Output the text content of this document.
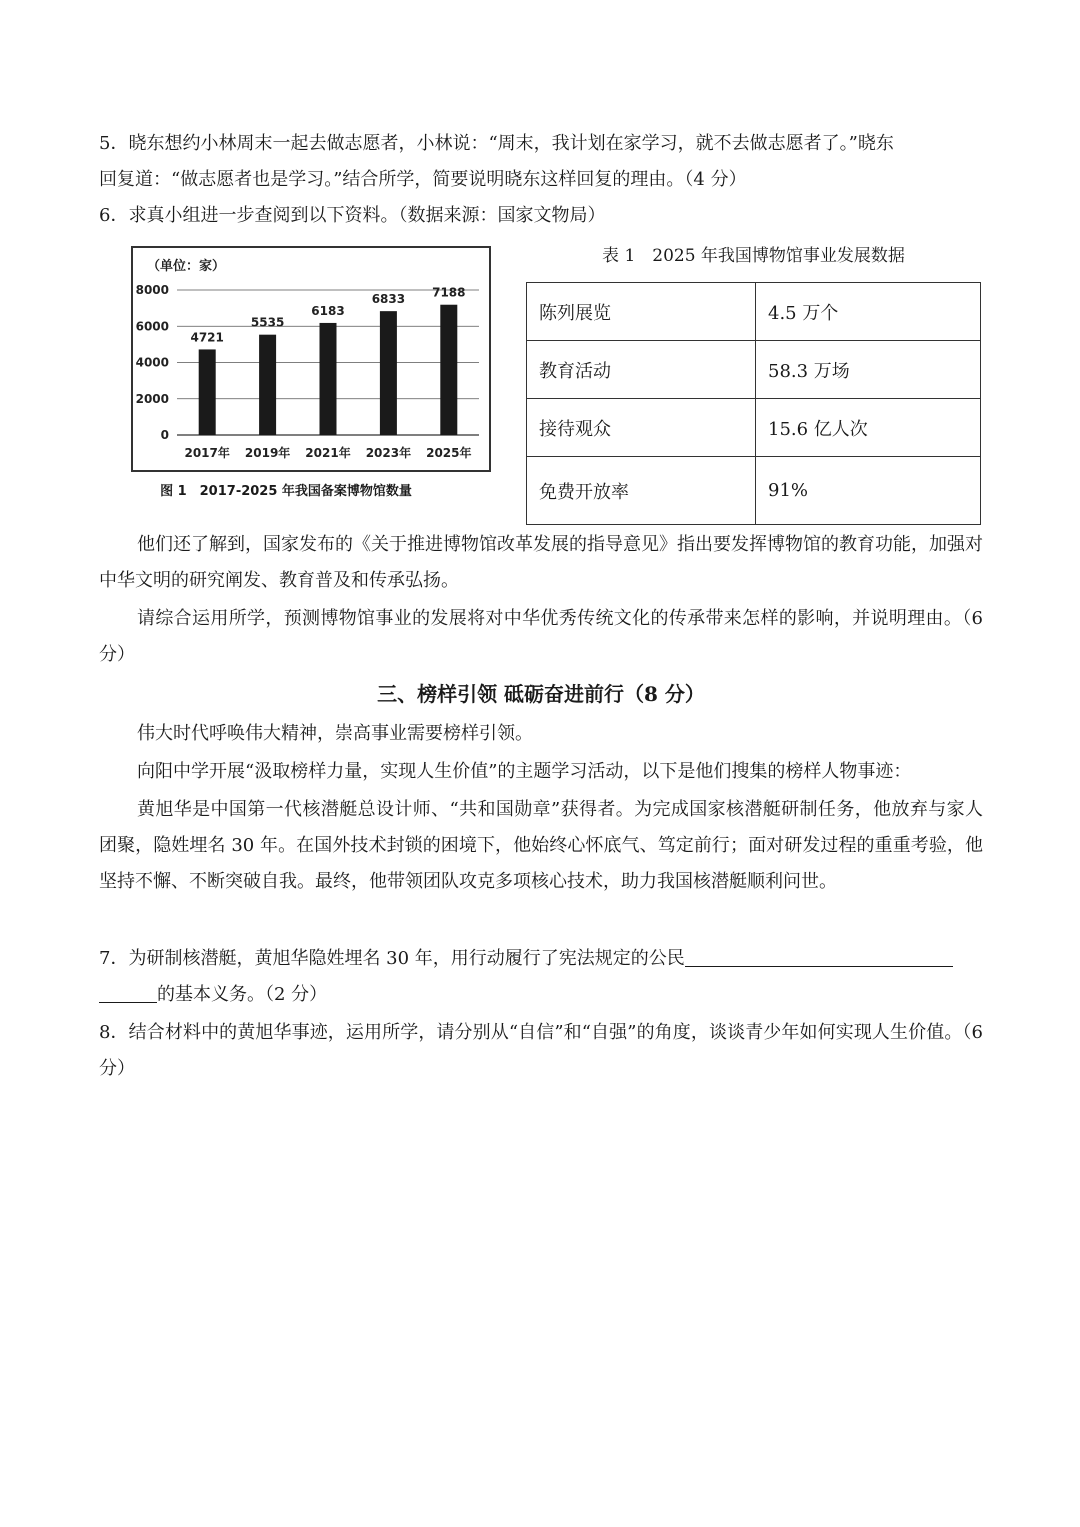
5．晓东想约小林周末一起去做志愿者，小林说：“周末，我计划在家学习，就不去做志愿者了。”晓东
回复道：“做志愿者也是学习。”结合所学，简要说明晓东这样回复的理由。（4 分）

6．求真小组进一步查阅到以下资料。（数据来源：国家文物局）

（单位：家）
0
2000
4000
6000
8000
4721
2017年
5535
2019年
6183
2021年
6833
2023年
7188
2025年
图 1　2017-2025 年我国备案博物馆数量
表 1　2025 年我国博物馆事业发展数据
陈列展览	4.5 万个
教育活动	58.3 万场
接待观众	15.6 亿人次
免费开放率	91%

他们还了解到，国家发布的《关于推进博物馆改革发展的指导意见》指出要发挥博物馆的教育功能，加强对中华文明的研究阐发、教育普及和传承弘扬。

请综合运用所学，预测博物馆事业的发展将对中华优秀传统文化的传承带来怎样的影响，并说明理由。（6 分）

三、榜样引领 砥砺奋进前行（8 分）

伟大时代呼唤伟大精神，崇高事业需要榜样引领。

向阳中学开展“汲取榜样力量，实现人生价值”的主题学习活动，以下是他们搜集的榜样人物事迹：

黄旭华是中国第一代核潜艇总设计师、“共和国勋章”获得者。为完成国家核潜艇研制任务，他放弃与家人团聚，隐姓埋名 30 年。在国外技术封锁的困境下，他始终心怀底气、笃定前行；面对研发过程的重重考验，他坚持不懈、不断突破自我。最终，他带领团队攻克多项核心技术，助力我国核潜艇顺利问世。

7．为研制核潜艇，黄旭华隐姓埋名 30 年，用行动履行了宪法规定的公民
的基本义务。（2 分）

8．结合材料中的黄旭华事迹，运用所学，请分别从“自信”和“自强”的角度，谈谈青少年如何实现人生价值。（6 分）
